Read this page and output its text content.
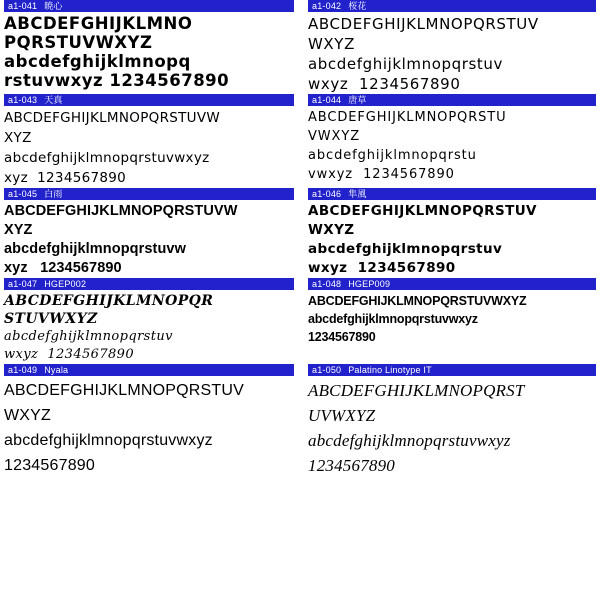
a1-041 暁心
ABCDEFGHIJKLMNO
PQRSTUVWXYZ
abcdefghijklmnopq
rstuvwxyz 1234567890
a1-042 桜花
ABCDEFGHIJKLMNOPQRSTUV
WXYZ
abcdefghijklmnopqrstuv
wxyz  1234567890
a1-043 天真
ABCDEFGHIJKLMNOPQRSTUVW
XYZ
abcdefghijklmnopqrstuvwxyz
xyz  1234567890
a1-044 唐草
ABCDEFGHIJKLMNOPQRSTU
VWXYZ
abcdefghijklmnopqrstu
vwxyz  1234567890
a1-045 白雨
ABCDEFGHIJKLMNOPQRSTUVW
XYZ
abcdefghijklmnopqrstuvw
xyz   1234567890
a1-046 隼風
ABCDEFGHIJKLMNOPQRSTUV
WXYZ
abcdefghijklmnopqrstuv
wxyz  1234567890
a1-047 HGEP002
ABCDEFGHIJKLMNOPQR
STUVWXYZ
abcdefghijklmnopqrstuv
wxyz  1234567890
a1-048 HGEP009
ABCDEFGHIJKLMNOPQRSTUVWXYZ
abcdefghijklmnopqrstuvwxyz
1234567890
a1-049 Nyala
ABCDEFGHIJKLMNOPQRSTUV
WXYZ
abcdefghijklmnopqrstuvwxyz
1234567890
a1-050 Palatino Linotype IT
ABCDEFGHIJKLMNOPQRST
UVWXYZ
abcdefghijklmnopqrstuvwxyz
1234567890
